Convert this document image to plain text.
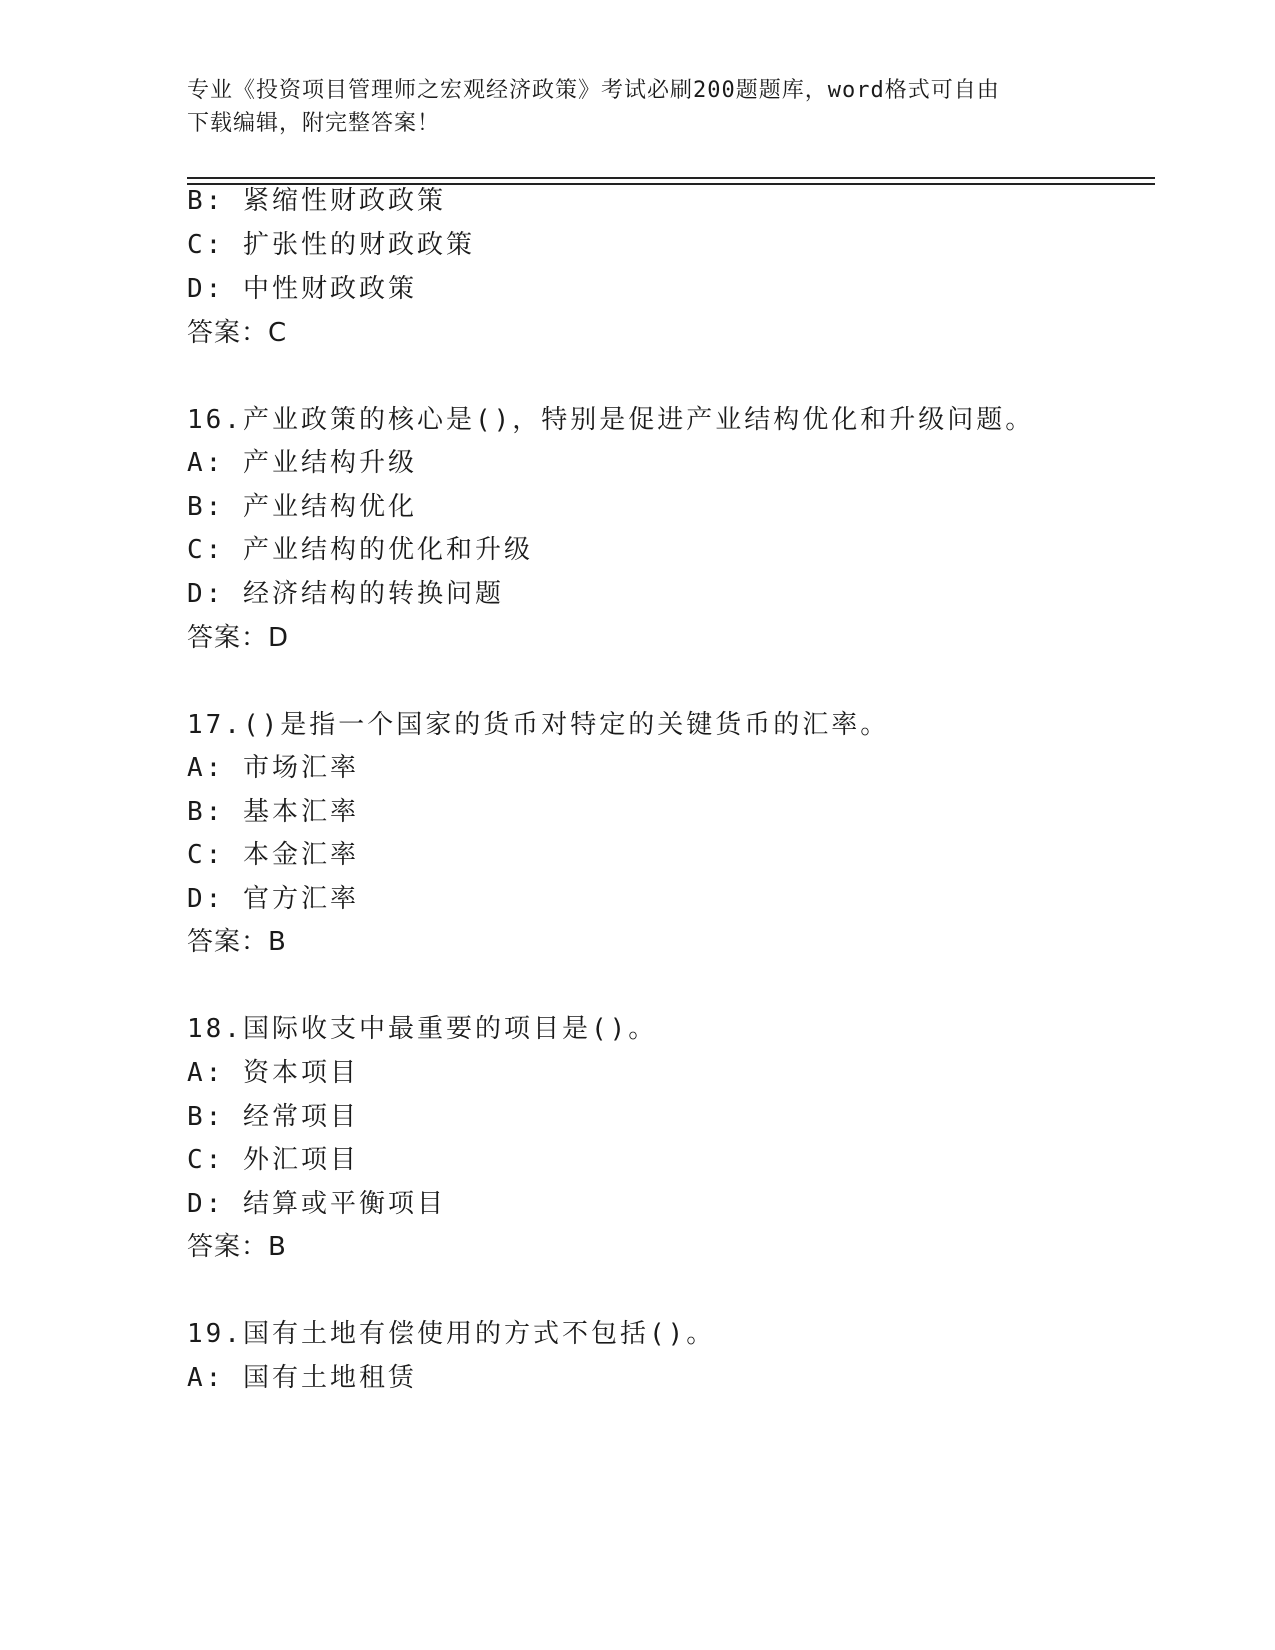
专业《投资项目管理师之宏观经济政策》考试必刷200题题库，word格式可自由
下载编辑，附完整答案！
B: 紧缩性财政政策
C: 扩张性的财政政策
D: 中性财政政策
答案：C
16.产业政策的核心是()，特别是促进产业结构优化和升级问题。
A: 产业结构升级
B: 产业结构优化
C: 产业结构的优化和升级
D: 经济结构的转换问题
答案：D
17.()是指一个国家的货币对特定的关键货币的汇率。
A: 市场汇率
B: 基本汇率
C: 本金汇率
D: 官方汇率
答案：B
18.国际收支中最重要的项目是()。
A: 资本项目
B: 经常项目
C: 外汇项目
D: 结算或平衡项目
答案：B
19.国有土地有偿使用的方式不包括()。
A: 国有土地租赁
